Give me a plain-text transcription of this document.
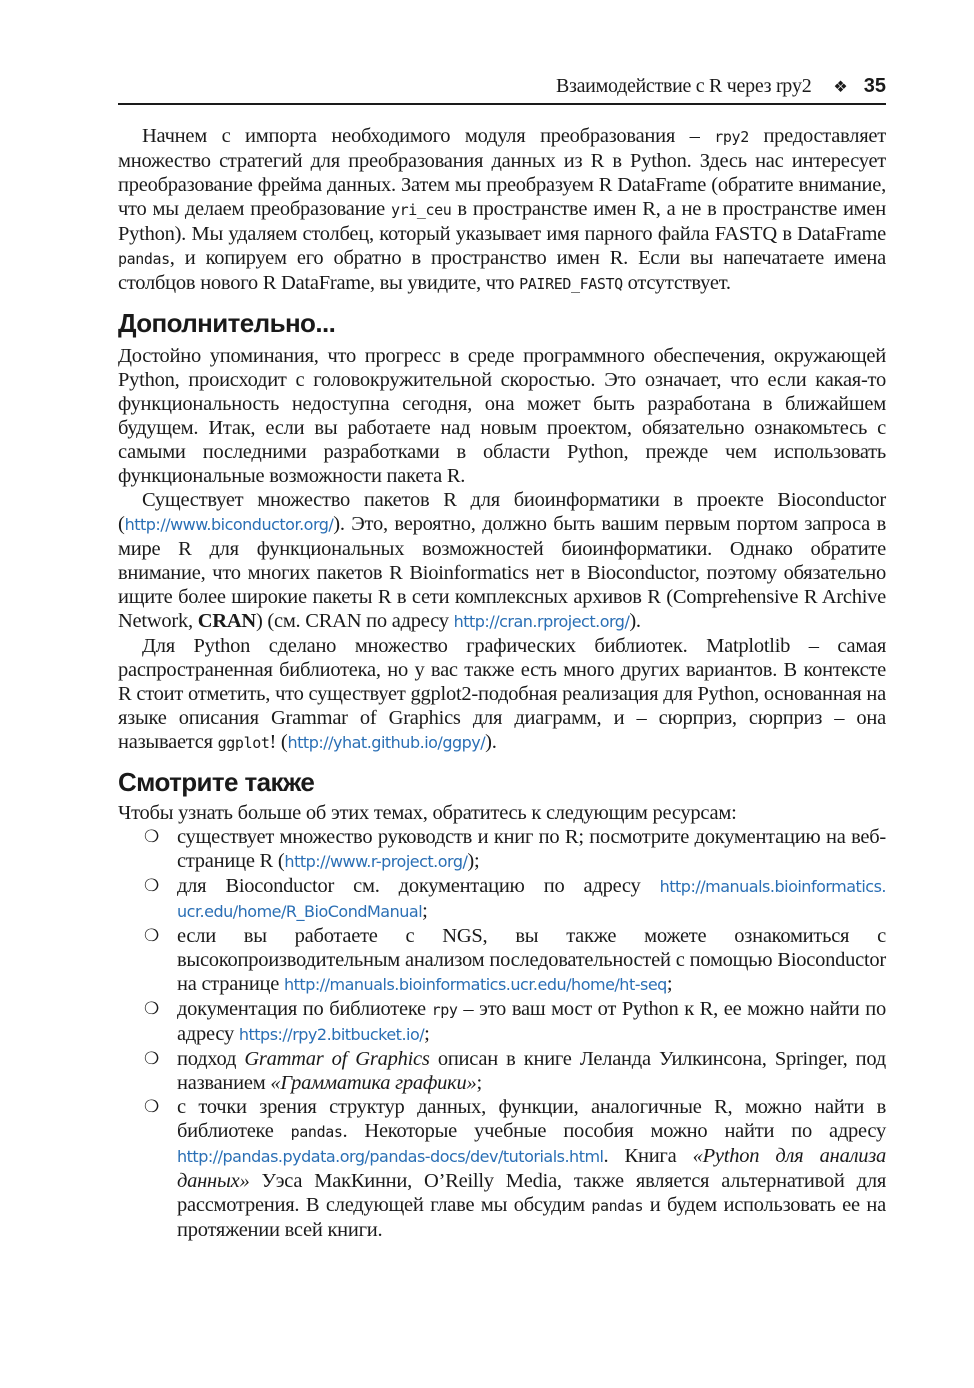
Взаимодействие с R через rpy2 ❖ 35

Начнем с импорта необходимого модуля преобразования – rpy2 предоставляет множество стратегий для преобразования данных из R в Python. Здесь нас интересует преобразование фрейма данных. Затем мы преобразуем R DataFrame (обратите внимание, что мы делаем преобразование yri_ceu в пространстве имен R, а не в пространстве имен Python). Мы удаляем столбец, который указывает имя парного файла FASTQ в DataFrame pandas, и копируем его обратно в пространство имен R. Если вы напечатаете имена столбцов нового R DataFrame, вы увидите, что PAIRED_FASTQ отсутствует.

Дополнительно...

Достойно упоминания, что прогресс в среде программного обеспечения, окружающей Python, происходит с головокружительной скоростью. Это означает, что если какая-то функциональность недоступна сегодня, она может быть разработана в ближайшем будущем. Итак, если вы работаете над новым проектом, обязательно ознакомьтесь с самыми последними разработками в области Python, прежде чем использовать функциональные возможности пакета R.

Существует множество пакетов R для биоинформатики в проекте Bioconductor (http://www.biconductor.org/). Это, вероятно, должно быть вашим первым портом запроса в мире R для функциональных возможностей биоинформатики. Однако обратите внимание, что многих пакетов R Bioinformatics нет в Bioconductor, поэтому обязательно ищите более широкие пакеты R в сети комплексных архивов R (Comprehensive R Archive Network, CRAN) (см. CRAN по адресу http://cran.rproject.org/).

Для Python сделано множество графических библиотек. Matplotlib – самая распространенная библиотека, но у вас также есть много других вариантов. В контексте R стоит отметить, что существует ggplot2-подобная реализация для Python, основанная на языке описания Grammar of Graphics для диаграмм, и – сюрприз, сюрприз – она называется ggplot! (http://yhat.github.io/ggpy/).

Смотрите также

Чтобы узнать больше об этих темах, обратитесь к следующим ресурсам:

❍ существует множество руководств и книг по R; посмотрите документацию на веб-странице R (http://www.r-project.org/);
❍ для Bioconductor см. документацию по адресу http://manuals.bioinformatics. ucr.edu/home/R_BioCondManual;
❍ если вы работаете с NGS, вы также можете ознакомиться с высокопроизводительным анализом последовательностей с помощью Bioconductor на странице http://manuals.bioinformatics.ucr.edu/home/ht-seq;
❍ документация по библиотеке rpy – это ваш мост от Python к R, ее можно найти по адресу https://rpy2.bitbucket.io/;
❍ подход Grammar of Graphics описан в книге Леланда Уилкинсона, Springer, под названием «Грамматика графики»;
❍ с точки зрения структур данных, функции, аналогичные R, можно найти в библиотеке pandas. Некоторые учебные пособия можно найти по адресу http://pandas.pydata.org/pandas-docs/dev/tutorials.html. Книга «Python для анализа данных» Уэса МакКинни, O’Reilly Media, также является альтернативой для рассмотрения. В следующей главе мы обсудим pandas и будем использовать ее на протяжении всей книги.
